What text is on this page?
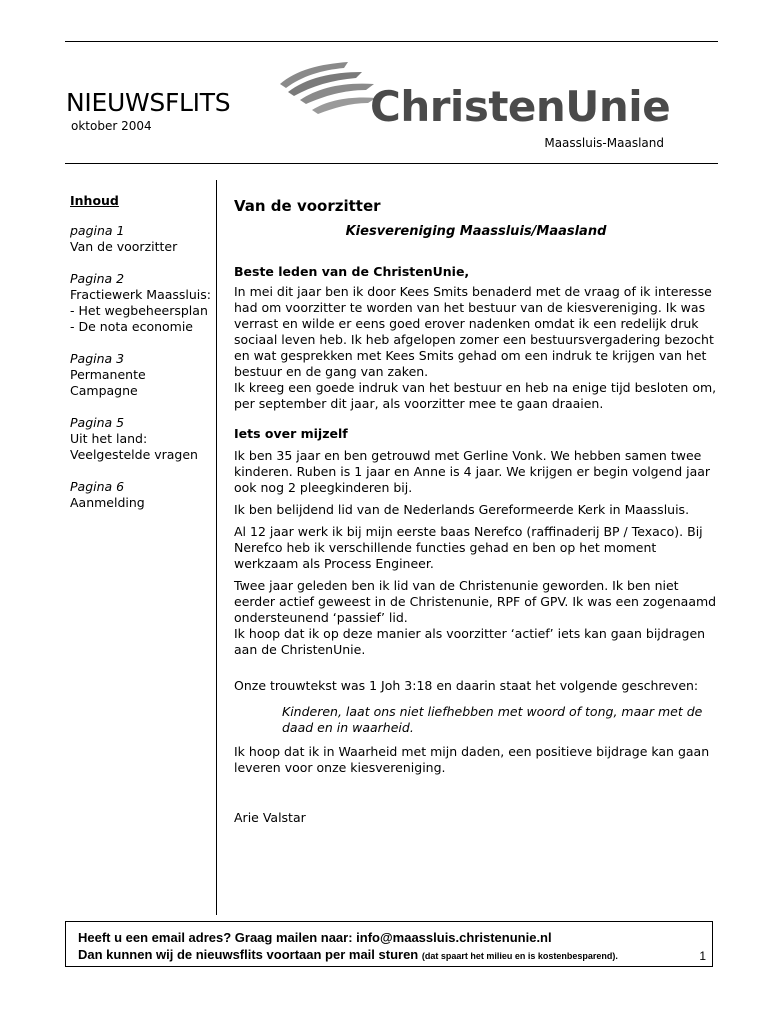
NIEUWSFLITS
oktober 2004	ChristenUnie
Maassluis-Maasland
Inhoud
pagina 1
Van de voorzitter
Pagina 2
Fractiewerk Maassluis:
- Het wegbeheersplan
- De nota economie
Pagina 3
Permanente
Campagne
Pagina 5
Uit het land:
Veelgestelde vragen
Pagina 6
Aanmelding

Van de voorzitter

Kiesvereniging Maassluis/Maasland

Beste leden van de ChristenUnie,

In mei dit jaar ben ik door Kees Smits benaderd met de vraag of ik interesse had om voorzitter te worden van het bestuur van de kiesvereniging. Ik was verrast en wilde er eens goed erover nadenken omdat ik een redelijk druk sociaal leven heb. Ik heb afgelopen zomer een bestuursvergadering bezocht en wat gesprekken met Kees Smits gehad om een indruk te krijgen van het bestuur en de gang van zaken.

Ik kreeg een goede indruk van het bestuur en heb na enige tijd besloten om, per september dit jaar, als voorzitter mee te gaan draaien.

Iets over mijzelf

Ik ben 35 jaar en ben getrouwd met Gerline Vonk. We hebben samen twee kinderen. Ruben is 1 jaar en Anne is 4 jaar. We krijgen er begin volgend jaar ook nog 2 pleegkinderen bij.

Ik ben belijdend lid van de Nederlands Gereformeerde Kerk in Maassluis.

Al 12 jaar werk ik bij mijn eerste baas Nerefco (raffinaderij BP / Texaco). Bij Nerefco heb ik verschillende functies gehad en ben op het moment werkzaam als Process Engineer.

Twee jaar geleden ben ik lid van de Christenunie geworden. Ik ben niet eerder actief geweest in de Christenunie, RPF of GPV. Ik was een zogenaamd ondersteunend ‘passief’ lid.

Ik hoop dat ik op deze manier als voorzitter ‘actief’ iets kan gaan bijdragen aan de ChristenUnie.

Onze trouwtekst was 1 Joh 3:18 en daarin staat het volgende geschreven:

Kinderen, laat ons niet liefhebben met woord of tong, maar met de daad en in waarheid.

Ik hoop dat ik in Waarheid met mijn daden, een positieve bijdrage kan gaan leveren voor onze kiesvereniging.

Arie Valstar

Heeft u een email adres? Graag mailen naar: info@maassluis.christenunie.nl
Dan kunnen wij de nieuwsflits voortaan per mail sturen (dat spaart het milieu en is kostenbesparend).	1
